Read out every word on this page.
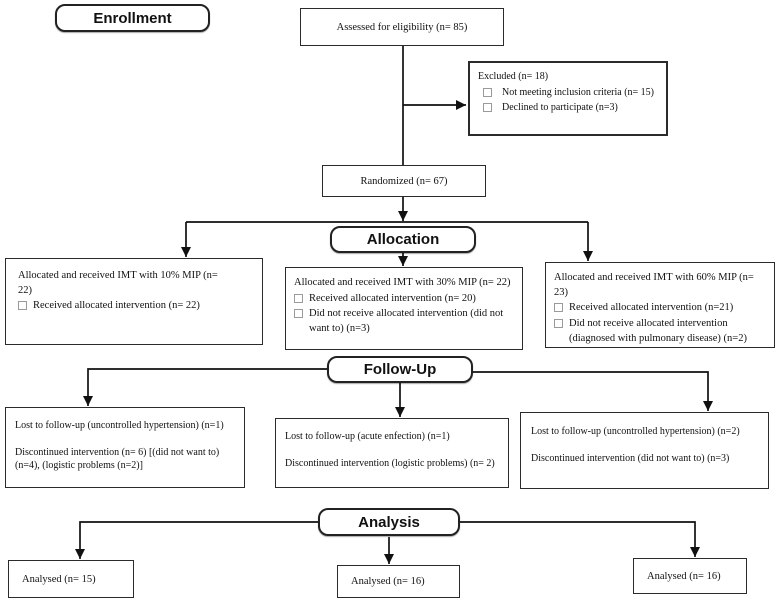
Enrollment
Allocation
Follow-Up
Analysis
Assessed for eligibility (n= 85)
Excluded (n= 18)
Not meeting inclusion criteria (n= 15)
Declined to participate (n=3)
Randomized (n= 67)
Allocated and received IMT with 10% MIP (n= 22)
Received allocated intervention (n= 22)
Allocated and received IMT with 30% MIP (n= 22)
Received allocated intervention (n= 20)
Did not receive allocated intervention (did not want to) (n=3)
Allocated and received IMT with 60% MIP (n= 23)
Received allocated intervention (n=21)
Did not receive allocated intervention (diagnosed with pulmonary disease) (n=2)

Lost to follow-up (uncontrolled hypertension) (n=1)

Discontinued intervention (n= 6) [(did not want to) (n=4), (logistic problems (n=2)]

Lost to follow-up (acute enfection) (n=1)

Discontinued intervention (logistic problems) (n= 2)

Lost to follow-up (uncontrolled hypertension) (n=2)

Discontinued intervention (did not want to) (n=3)

Analysed (n= 15)	Analysed (n= 16)	Analysed (n= 16)
